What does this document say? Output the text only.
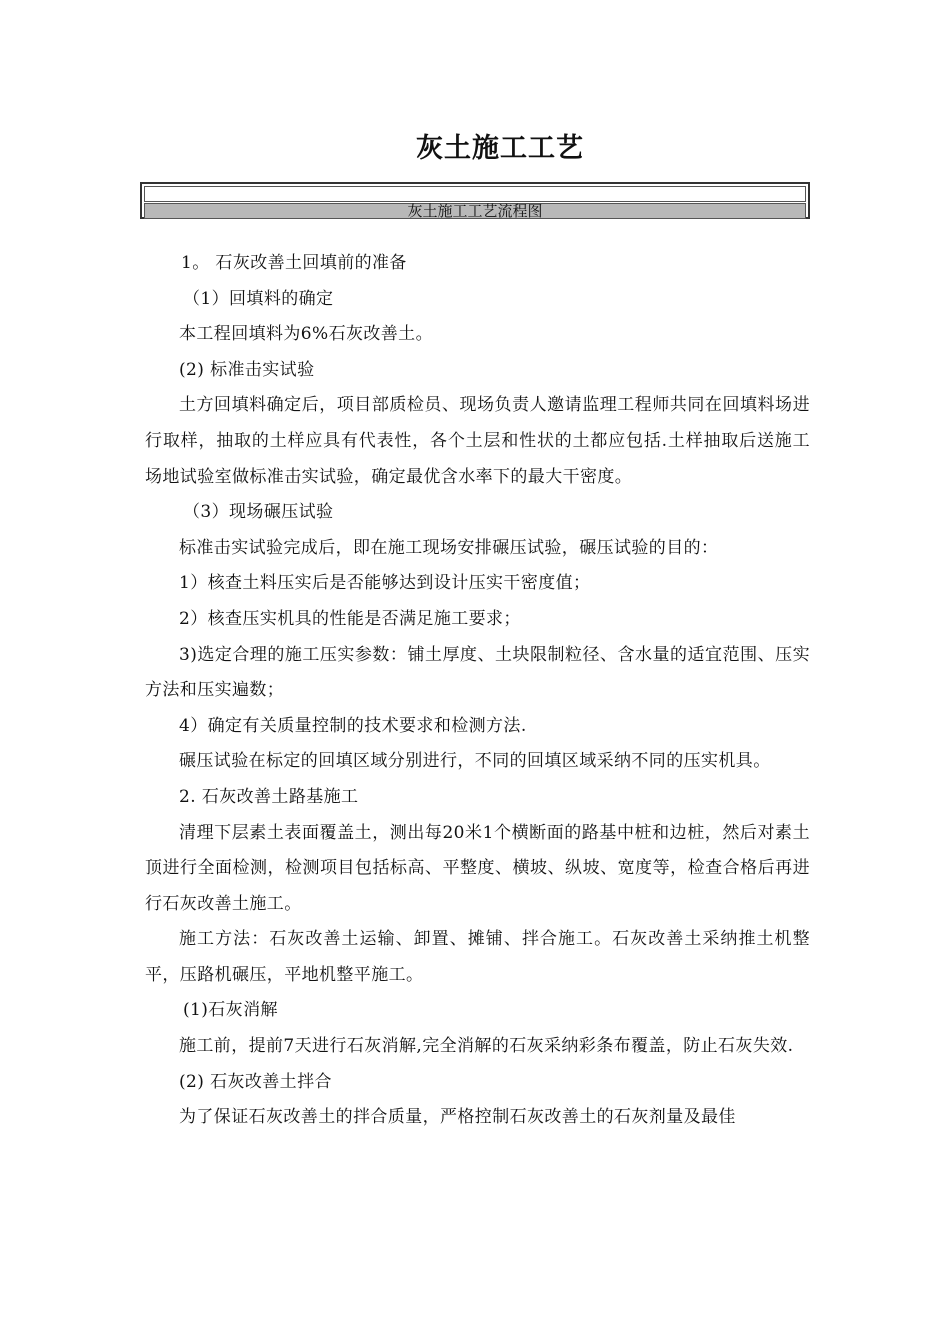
灰土施工工艺
灰土施工工艺流程图

1。 石灰改善土回填前的准备

（1）回填料的确定

本工程回填料为6%石灰改善土。

(2) 标准击实试验

土方回填料确定后，项目部质检员、现场负责人邀请监理工程师共同在回填料场进行取样，抽取的土样应具有代表性，各个土层和性状的土都应包括.土样抽取后送施工场地试验室做标准击实试验，确定最优含水率下的最大干密度。

（3）现场碾压试验

标准击实试验完成后，即在施工现场安排碾压试验，碾压试验的目的：

1）核查土料压实后是否能够达到设计压实干密度值；

2）核查压实机具的性能是否满足施工要求；

3)选定合理的施工压实参数：铺土厚度、土块限制粒径、含水量的适宜范围、压实方法和压实遍数；

4）确定有关质量控制的技术要求和检测方法.

碾压试验在标定的回填区域分别进行，不同的回填区域采纳不同的压实机具。

2. 石灰改善土路基施工

清理下层素土表面覆盖土，测出每20米1个横断面的路基中桩和边桩，然后对素土顶进行全面检测，检测项目包括标高、平整度、横坡、纵坡、宽度等，检查合格后再进行石灰改善土施工。

施工方法：石灰改善土运输、卸置、摊铺、拌合施工。石灰改善土采纳推土机整平，压路机碾压，平地机整平施工。

(1)石灰消解

施工前，提前7天进行石灰消解,完全消解的石灰采纳彩条布覆盖，防止石灰失效.

(2) 石灰改善土拌合

为了保证石灰改善土的拌合质量，严格控制石灰改善土的石灰剂量及最佳
